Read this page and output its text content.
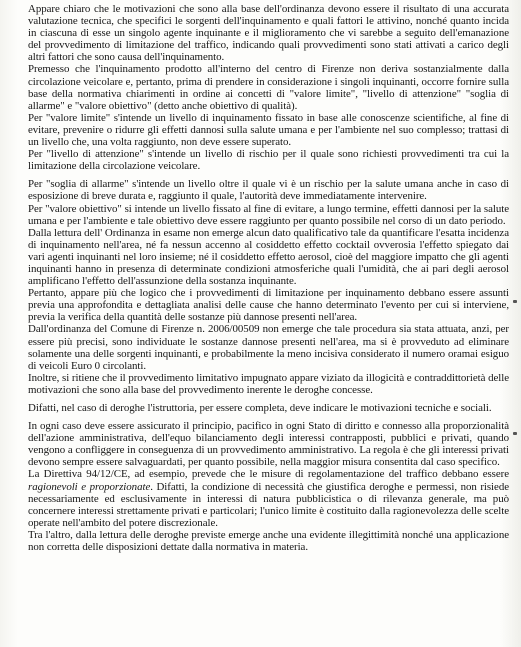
Appare chiaro che le motivazioni che sono alla base dell'ordinanza devono essere il risultato di una accurata valutazione tecnica, che specifici le sorgenti dell'inquinamento e quali fattori le attivino, nonché quanto incida in ciascuna di esse un singolo agente inquinante e il miglioramento che vi sarebbe a seguito dell'emanazione del provvedimento di limitazione del traffico, indicando quali provvedimenti sono stati attivati a carico degli altri fattori che sono causa dell'inquinamento.

Premesso che l'inquinamento prodotto all'interno del centro di Firenze non deriva sostanzialmente dalla circolazione veicolare e, pertanto, prima di prendere in considerazione i singoli inquinanti, occorre fornire sulla base della normativa chiarimenti in ordine ai concetti di "valore limite", "livello di attenzione" "soglia di allarme" e "valore obiettivo" (detto anche obiettivo di qualità).

Per "valore limite" s'intende un livello di inquinamento fissato in base alle conoscenze scientifiche, al fine di evitare, prevenire o ridurre gli effetti dannosi sulla salute umana e per l'ambiente nel suo complesso; trattasi di un livello che, una volta raggiunto, non deve essere superato.

Per "livello di attenzione" s'intende un livello di rischio per il quale sono richiesti provvedimenti tra cui la limitazione della circolazione veicolare.

Per "soglia di allarme" s'intende un livello oltre il quale vi è un rischio per la salute umana anche in caso di esposizione di breve durata e, raggiunto il quale, l'autorità deve immediatamente intervenire.

Per "valore obiettivo" si intende un livello fissato al fine di evitare, a lungo termine, effetti dannosi per la salute umana e per l'ambiente e tale obiettivo deve essere raggiunto per quanto possibile nel corso di un dato periodo.

Dalla lettura dell' Ordinanza in esame non emerge alcun dato qualificativo tale da quantificare l'esatta incidenza di inquinamento nell'area, né fa nessun accenno al cosiddetto effetto cocktail ovverosia l'effetto spiegato dai vari agenti inquinanti nel loro insieme; né il cosiddetto effetto aerosol, cioè del maggiore impatto che gli agenti inquinanti hanno in presenza di determinate condizioni atmosferiche quali l'umidità, che ai pari degli aerosol amplificano l'effetto dell'assunzione della sostanza inquinante.

Pertanto, appare più che logico che i provvedimenti di limitazione per inquinamento debbano essere assunti previa una approfondita e dettagliata analisi delle cause che hanno determinato l'evento per cui si interviene, previa la verifica della quantità delle sostanze più dannose presenti nell'area.

Dall'ordinanza del Comune di Firenze n. 2006/00509 non emerge che tale procedura sia stata attuata, anzi, per essere più precisi, sono individuate le sostanze dannose presenti nell'area, ma si è provveduto ad eliminare solamente una delle sorgenti inquinanti, e probabilmente la meno incisiva considerato il numero oramai esiguo di veicoli Euro 0 circolanti.

Inoltre, si ritiene che il provvedimento limitativo impugnato appare viziato da illogicità e contraddittorietà delle motivazioni che sono alla base del provvedimento inerente le deroghe concesse.

Difatti, nel caso di deroghe l'istruttoria, per essere completa, deve indicare le motivazioni tecniche e sociali.

In ogni caso deve essere assicurato il principio, pacifico in ogni Stato di diritto e connesso alla proporzionalità dell'azione amministrativa, dell'equo bilanciamento degli interessi contrapposti, pubblici e privati, quando vengono a confliggere in conseguenza di un provvedimento amministrativo. La regola è che gli interessi privati devono sempre essere salvaguardati, per quanto possibile, nella maggior misura consentita dal caso specifico.

La Direttiva 94/12/CE, ad esempio, prevede che le misure di regolamentazione del traffico debbano essere ragionevoli e proporzionate. Difatti, la condizione di necessità che giustifica deroghe e permessi, non risiede necessariamente ed esclusivamente in interessi di natura pubblicistica o di rilevanza generale, ma può concernere interessi strettamente privati e particolari; l'unico limite è costituito dalla ragionevolezza delle scelte operate nell'ambito del potere discrezionale.

Tra l'altro, dalla lettura delle deroghe previste emerge anche una evidente illegittimità nonché una applicazione non corretta delle disposizioni dettate dalla normativa in materia.
